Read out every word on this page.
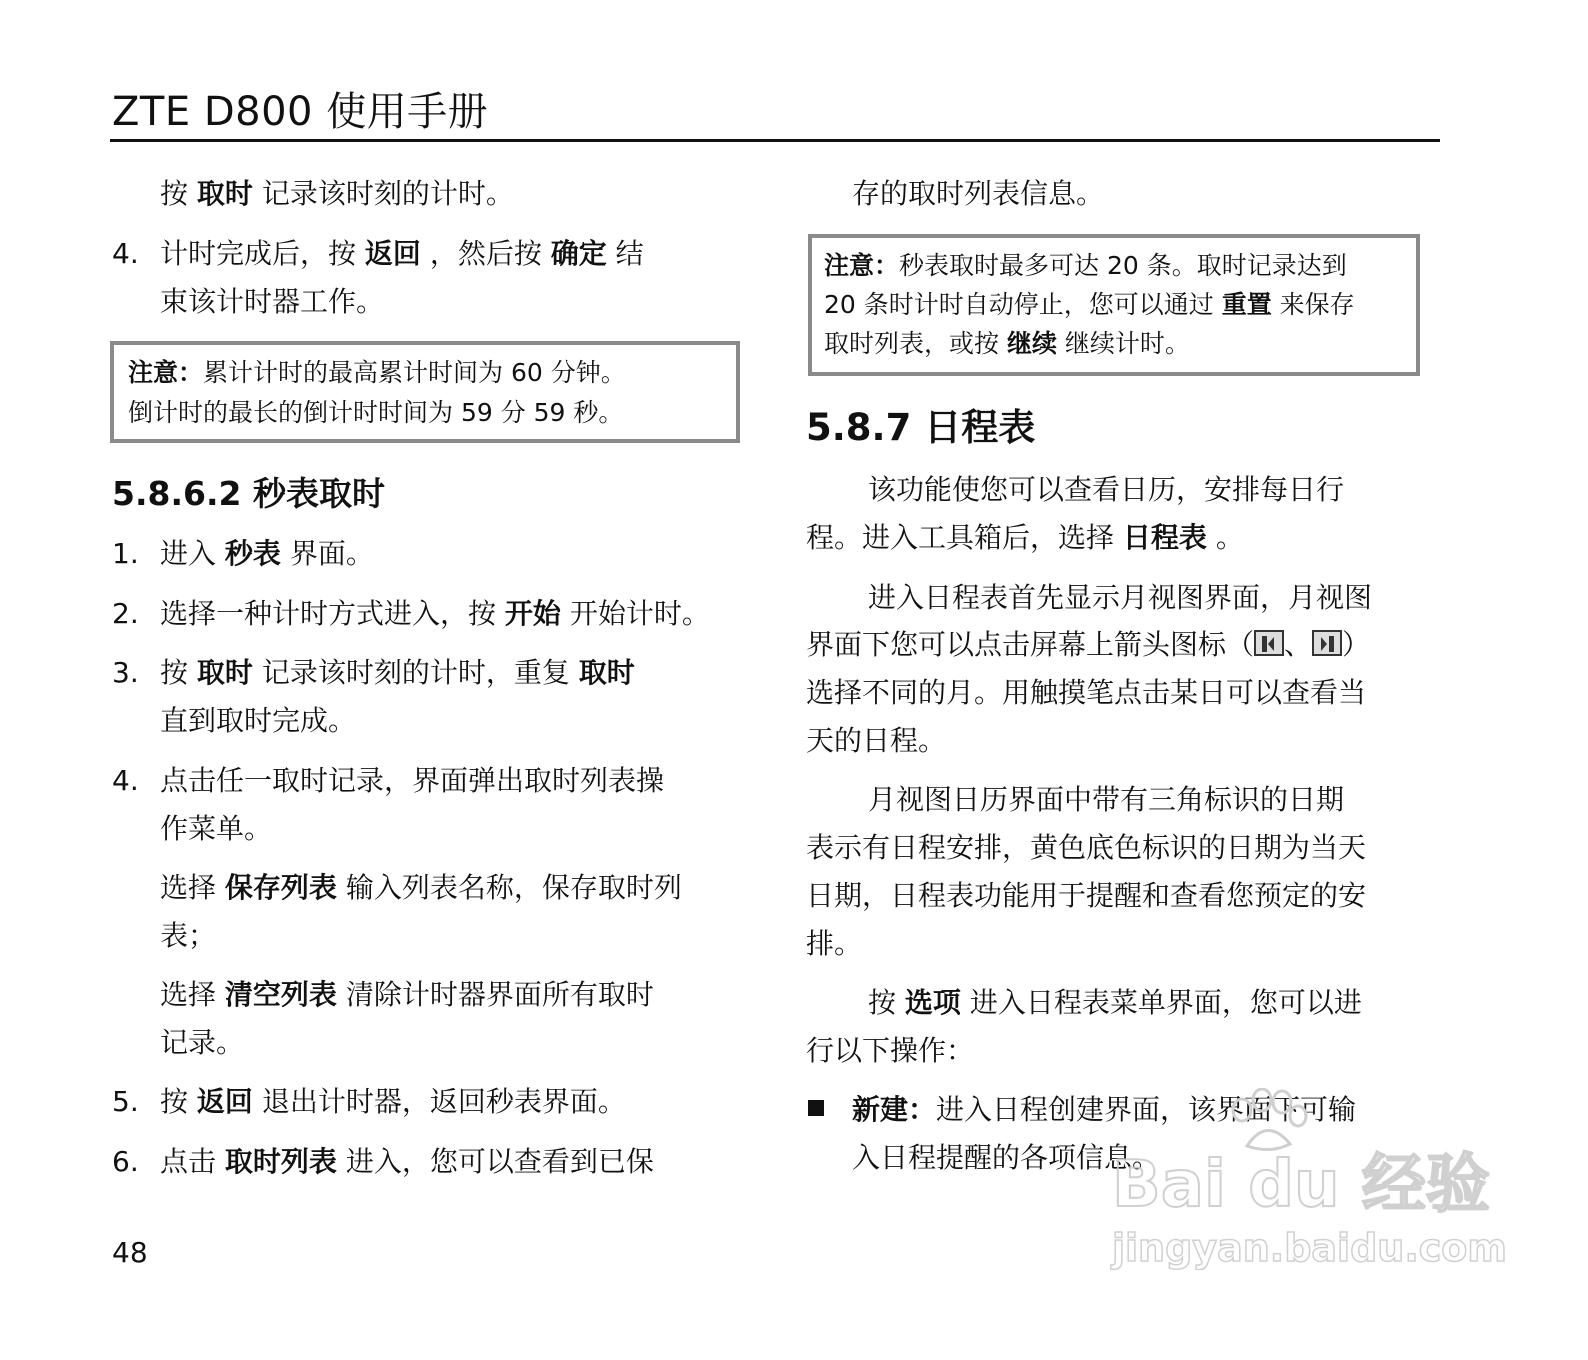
ZTE D800 使用手册
按 取时 记录该时刻的计时。
4. 计时完成后，按 返回 ，然后按 确定 结
束该计时器工作。
注意：累计计时的最高累计时间为 60 分钟。
倒计时的最长的倒计时时间为 59 分 59 秒。
5.8.6.2 秒表取时
1. 进入 秒表 界面。
2. 选择一种计时方式进入，按 开始 开始计时。
3. 按 取时 记录该时刻的计时，重复 取时
直到取时完成。
4. 点击任一取时记录，界面弹出取时列表操
作菜单。
选择 保存列表 输入列表名称，保存取时列
表；
选择 清空列表 清除计时器界面所有取时
记录。
5. 按 返回 退出计时器，返回秒表界面。
6. 点击 取时列表 进入，您可以查看到已保
存的取时列表信息。
注意：秒表取时最多可达 20 条。取时记录达到
20 条时计时自动停止，您可以通过 重置 来保存
取时列表，或按 继续 继续计时。
5.8.7 日程表
该功能使您可以查看日历，安排每日行
程。进入工具箱后，选择 日程表 。
进入日程表首先显示月视图界面，月视图
界面下您可以点击屏幕上箭头图标（ 、 ）
选择不同的月。用触摸笔点击某日可以查看当
天的日程。
月视图日历界面中带有三角标识的日期
表示有日程安排，黄色底色标识的日期为当天
日期，日程表功能用于提醒和查看您预定的安
排。
按 选项 进入日程表菜单界面，您可以进
行以下操作：
新建：进入日程创建界面，该界面下可输
入日程提醒的各项信息。
Bai du 经验
jingyan.baidu.com
48
